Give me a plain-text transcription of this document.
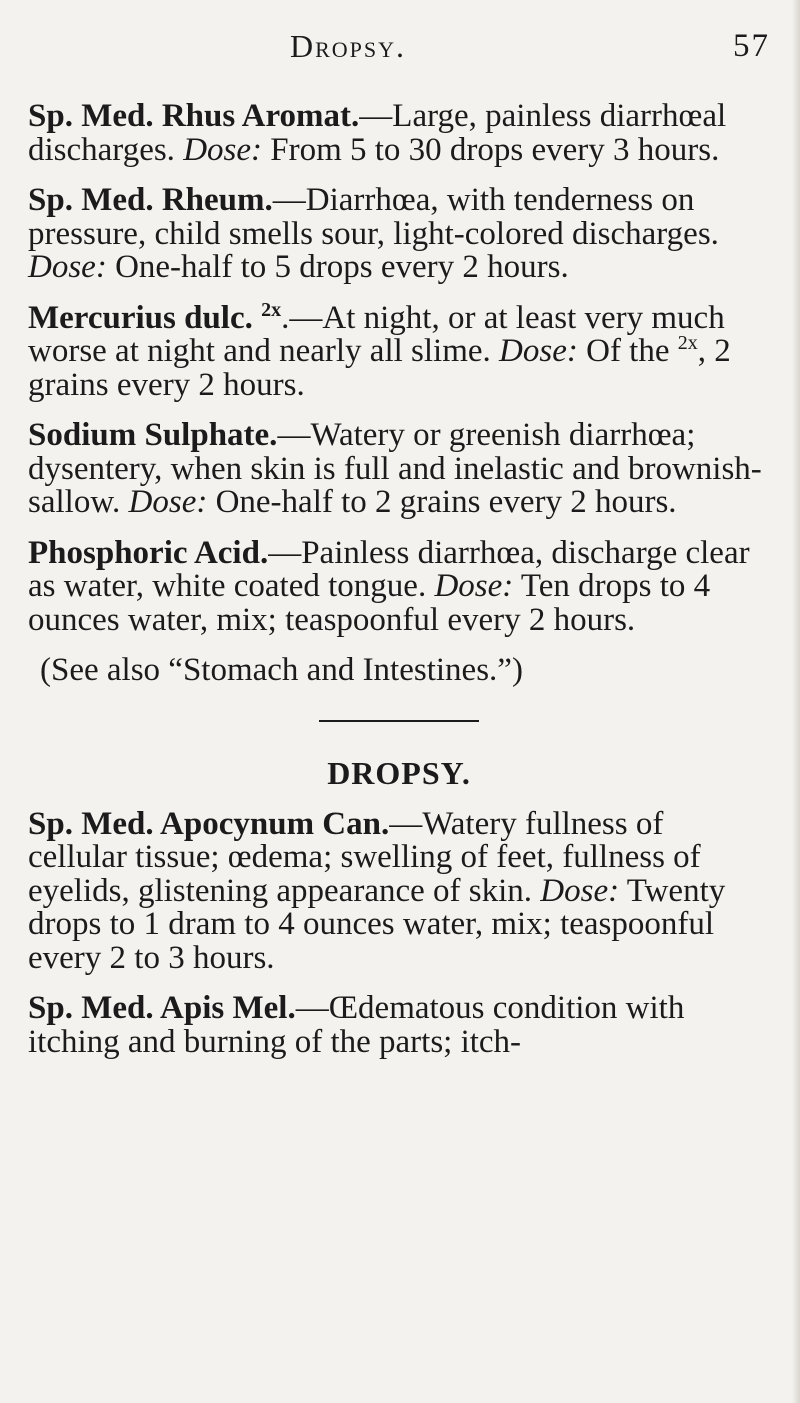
Dropsy.	57

Sp. Med. Rhus Aromat.—Large, painless diarrhœal discharges. Dose: From 5 to 30 drops every 3 hours.

Sp. Med. Rheum.—Diarrhœa, with tenderness on pressure, child smells sour, light-colored discharges. Dose: One-half to 5 drops every 2 hours.

Mercurius dulc. $^{2x}$.—At night, or at least very much worse at night and nearly all slime. Dose: Of the $^{2x}$, 2 grains every 2 hours.

Sodium Sulphate.—Watery or greenish diarrhœa; dysentery, when skin is full and inelastic and brownish-sallow. Dose: One-half to 2 grains every 2 hours.

Phosphoric Acid.—Painless diarrhœa, discharge clear as water, white coated tongue. Dose: Ten drops to 4 ounces water, mix; teaspoonful every 2 hours.

(See also “Stomach and Intestines.”)

DROPSY.

Sp. Med. Apocynum Can.—Watery fullness of cellular tissue; œdema; swelling of feet, fullness of eyelids, glistening appearance of skin. Dose: Twenty drops to 1 dram to 4 ounces water, mix; teaspoonful every 2 to 3 hours.

Sp. Med. Apis Mel.—Œdematous condition with itching and burning of the parts; itch-
